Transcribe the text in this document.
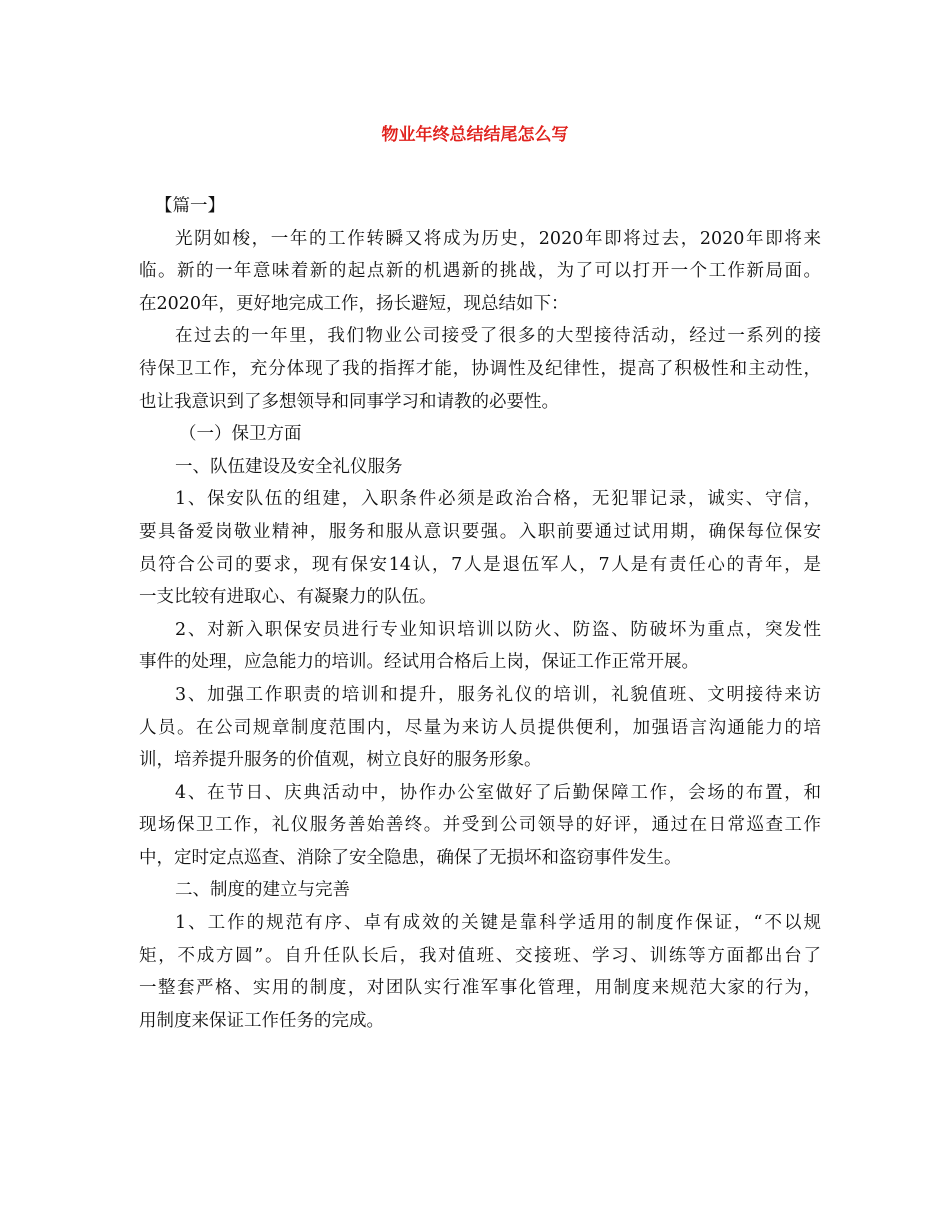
物业年终总结结尾怎么写

【篇一】

光阴如梭，一年的工作转瞬又将成为历史，2020年即将过去，2020年即将来

临。新的一年意味着新的起点新的机遇新的挑战，为了可以打开一个工作新局面。

在2020年，更好地完成工作，扬长避短，现总结如下：

在过去的一年里，我们物业公司接受了很多的大型接待活动，经过一系列的接

待保卫工作，充分体现了我的指挥才能，协调性及纪律性，提高了积极性和主动性，

也让我意识到了多想领导和同事学习和请教的必要性。

（一）保卫方面

一、队伍建设及安全礼仪服务

1、保安队伍的组建，入职条件必须是政治合格，无犯罪记录，诚实、守信，

要具备爱岗敬业精神，服务和服从意识要强。入职前要通过试用期，确保每位保安

员符合公司的要求，现有保安14认，7人是退伍军人，7人是有责任心的青年，是

一支比较有进取心、有凝聚力的队伍。

2、对新入职保安员进行专业知识培训以防火、防盗、防破坏为重点，突发性

事件的处理，应急能力的培训。经试用合格后上岗，保证工作正常开展。

3、加强工作职责的培训和提升，服务礼仪的培训，礼貌值班、文明接待来访

人员。在公司规章制度范围内，尽量为来访人员提供便利，加强语言沟通能力的培

训，培养提升服务的价值观，树立良好的服务形象。

4、在节日、庆典活动中，协作办公室做好了后勤保障工作，会场的布置，和

现场保卫工作，礼仪服务善始善终。并受到公司领导的好评，通过在日常巡查工作

中，定时定点巡查、消除了安全隐患，确保了无损坏和盗窃事件发生。

二、制度的建立与完善

1、工作的规范有序、卓有成效的关键是靠科学适用的制度作保证，“不以规

矩，不成方圆”。自升任队长后，我对值班、交接班、学习、训练等方面都出台了

一整套严格、实用的制度，对团队实行准军事化管理，用制度来规范大家的行为，

用制度来保证工作任务的完成。
